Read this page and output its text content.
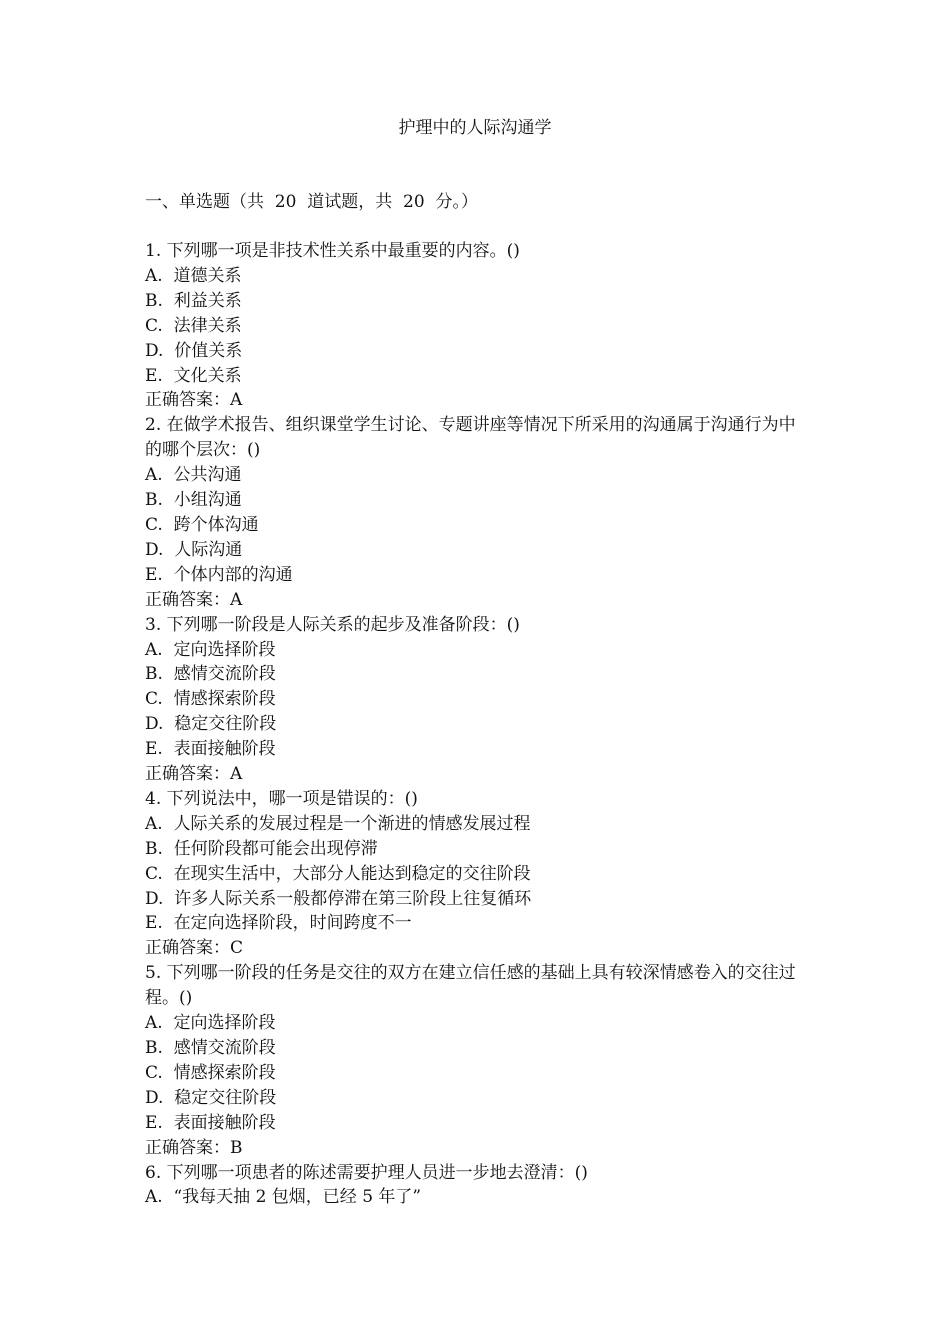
护理中的人际沟通学
一、单选题（共  20  道试题，共  20  分。）

1. 下列哪一项是非技术性关系中最重要的内容。()

A.  道德关系

B.  利益关系

C.  法律关系

D.  价值关系

E.  文化关系

正确答案：A

2. 在做学术报告、组织课堂学生讨论、专题讲座等情况下所采用的沟通属于沟通行为中的哪个层次：()

A.  公共沟通

B.  小组沟通

C.  跨个体沟通

D.  人际沟通

E.  个体内部的沟通

正确答案：A

3. 下列哪一阶段是人际关系的起步及准备阶段：()

A.  定向选择阶段

B.  感情交流阶段

C.  情感探索阶段

D.  稳定交往阶段

E.  表面接触阶段

正确答案：A

4. 下列说法中，哪一项是错误的：()

A.  人际关系的发展过程是一个渐进的情感发展过程

B.  任何阶段都可能会出现停滞

C.  在现实生活中，大部分人能达到稳定的交往阶段

D.  许多人际关系一般都停滞在第三阶段上往复循环

E.  在定向选择阶段，时间跨度不一

正确答案：C

5. 下列哪一阶段的任务是交往的双方在建立信任感的基础上具有较深情感卷入的交往过程。()

A.  定向选择阶段

B.  感情交流阶段

C.  情感探索阶段

D.  稳定交往阶段

E.  表面接触阶段

正确答案：B

6. 下列哪一项患者的陈述需要护理人员进一步地去澄清：()

A.  “我每天抽 2 包烟，已经 5 年了”
